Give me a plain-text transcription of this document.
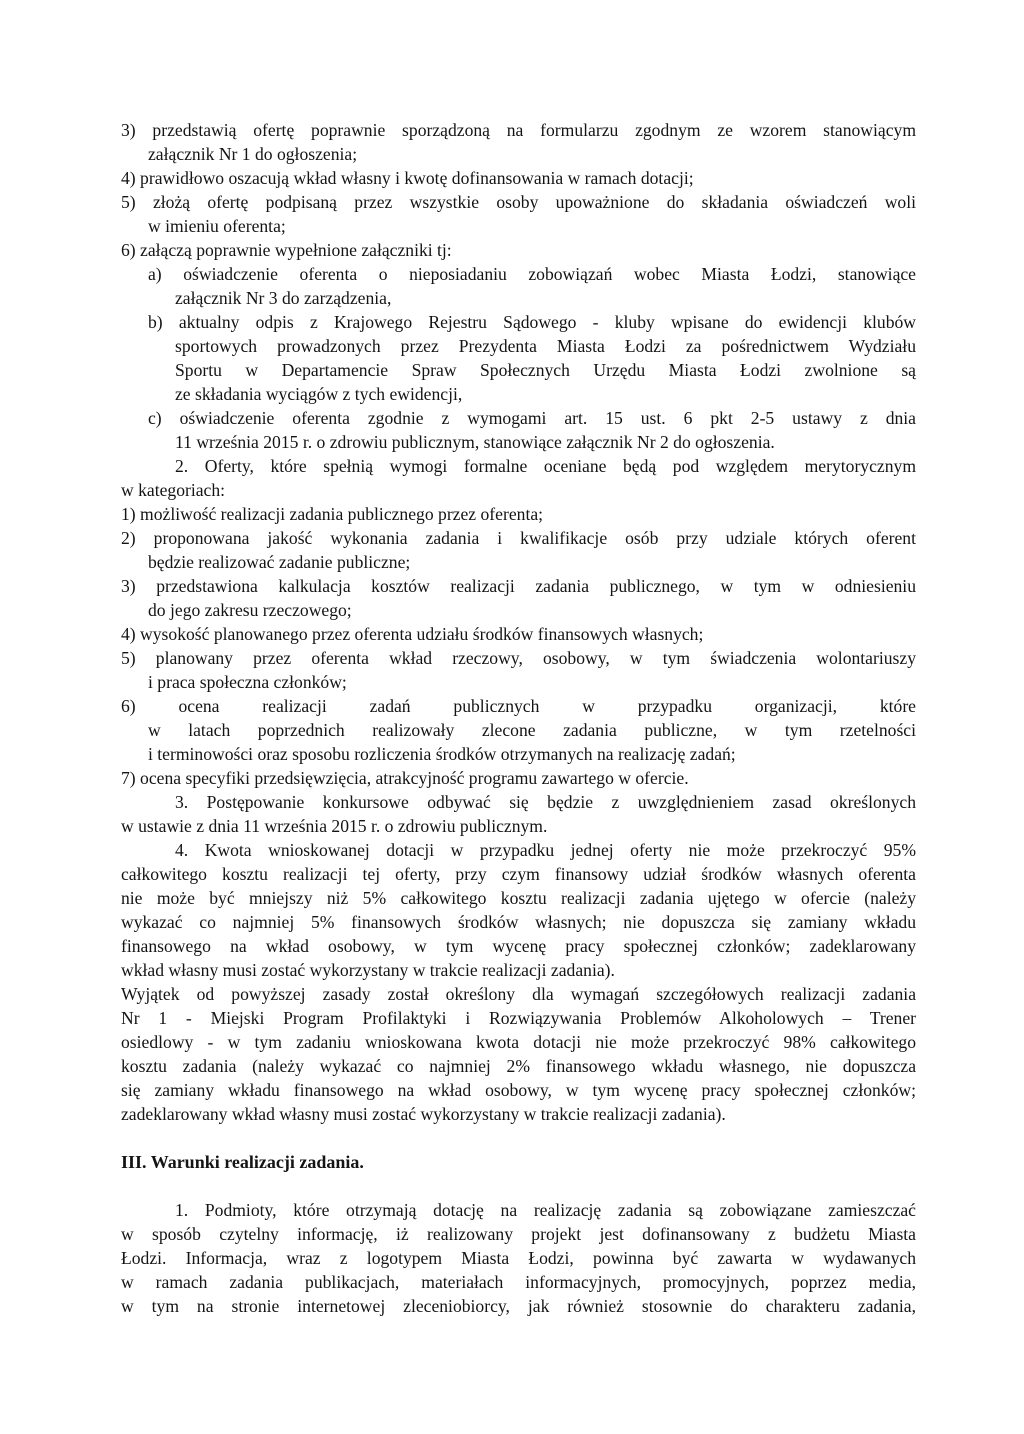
3) przedstawią ofertę poprawnie sporządzoną na formularzu zgodnym ze wzorem stanowiącym
załącznik Nr 1 do ogłoszenia;
4) prawidłowo oszacują wkład własny i kwotę dofinansowania w ramach dotacji;
5) złożą ofertę podpisaną przez wszystkie osoby upoważnione do składania oświadczeń woli
w imieniu oferenta;
6) załączą poprawnie wypełnione załączniki tj:
a) oświadczenie oferenta o nieposiadaniu zobowiązań wobec Miasta Łodzi, stanowiące
załącznik Nr 3 do zarządzenia,
b) aktualny odpis z Krajowego Rejestru Sądowego - kluby wpisane do ewidencji klubów
sportowych prowadzonych przez Prezydenta Miasta Łodzi za pośrednictwem Wydziału
Sportu w Departamencie Spraw Społecznych Urzędu Miasta Łodzi zwolnione są
ze składania wyciągów z tych ewidencji,
c) oświadczenie oferenta zgodnie z wymogami art. 15 ust. 6 pkt 2-5 ustawy z dnia
11 września 2015 r. o zdrowiu publicznym, stanowiące załącznik Nr 2 do ogłoszenia.
2. Oferty, które spełnią wymogi formalne oceniane będą pod względem merytorycznym
w kategoriach:
1) możliwość realizacji zadania publicznego przez oferenta;
2) proponowana jakość wykonania zadania i kwalifikacje osób przy udziale których oferent
będzie realizować zadanie publiczne;
3) przedstawiona kalkulacja kosztów realizacji zadania publicznego, w tym w odniesieniu
do jego zakresu rzeczowego;
4) wysokość planowanego przez oferenta udziału środków finansowych własnych;
5) planowany przez oferenta wkład rzeczowy, osobowy, w tym świadczenia wolontariuszy
i praca społeczna członków;
6) ocena realizacji zadań publicznych w przypadku organizacji, które
w latach poprzednich realizowały zlecone zadania publiczne, w tym rzetelności
i terminowości oraz sposobu rozliczenia środków otrzymanych na realizację zadań;
7) ocena specyfiki przedsięwzięcia, atrakcyjność programu zawartego w ofercie.
3. Postępowanie konkursowe odbywać się będzie z uwzględnieniem zasad określonych
w ustawie z dnia 11 września 2015 r. o zdrowiu publicznym.
4. Kwota wnioskowanej dotacji w przypadku jednej oferty nie może przekroczyć 95%
całkowitego kosztu realizacji tej oferty, przy czym finansowy udział środków własnych oferenta
nie może być mniejszy niż 5% całkowitego kosztu realizacji zadania ujętego w ofercie (należy
wykazać co najmniej 5% finansowych środków własnych; nie dopuszcza się zamiany wkładu
finansowego na wkład osobowy, w tym wycenę pracy społecznej członków; zadeklarowany
wkład własny musi zostać wykorzystany w trakcie realizacji zadania).
Wyjątek od powyższej zasady został określony dla wymagań szczegółowych realizacji zadania
Nr 1 - Miejski Program Profilaktyki i Rozwiązywania Problemów Alkoholowych – Trener
osiedlowy - w tym zadaniu wnioskowana kwota dotacji nie może przekroczyć 98% całkowitego
kosztu zadania (należy wykazać co najmniej 2% finansowego wkładu własnego, nie dopuszcza
się zamiany wkładu finansowego na wkład osobowy, w tym wycenę pracy społecznej członków;
zadeklarowany wkład własny musi zostać wykorzystany w trakcie realizacji zadania).
III. Warunki realizacji zadania.
1. Podmioty, które otrzymają dotację na realizację zadania są zobowiązane zamieszczać
w sposób czytelny informację, iż realizowany projekt jest dofinansowany z budżetu Miasta
Łodzi. Informacja, wraz z logotypem Miasta Łodzi, powinna być zawarta w wydawanych
w ramach zadania publikacjach, materiałach informacyjnych, promocyjnych, poprzez media,
w tym na stronie internetowej zleceniobiorcy, jak również stosownie do charakteru zadania,
